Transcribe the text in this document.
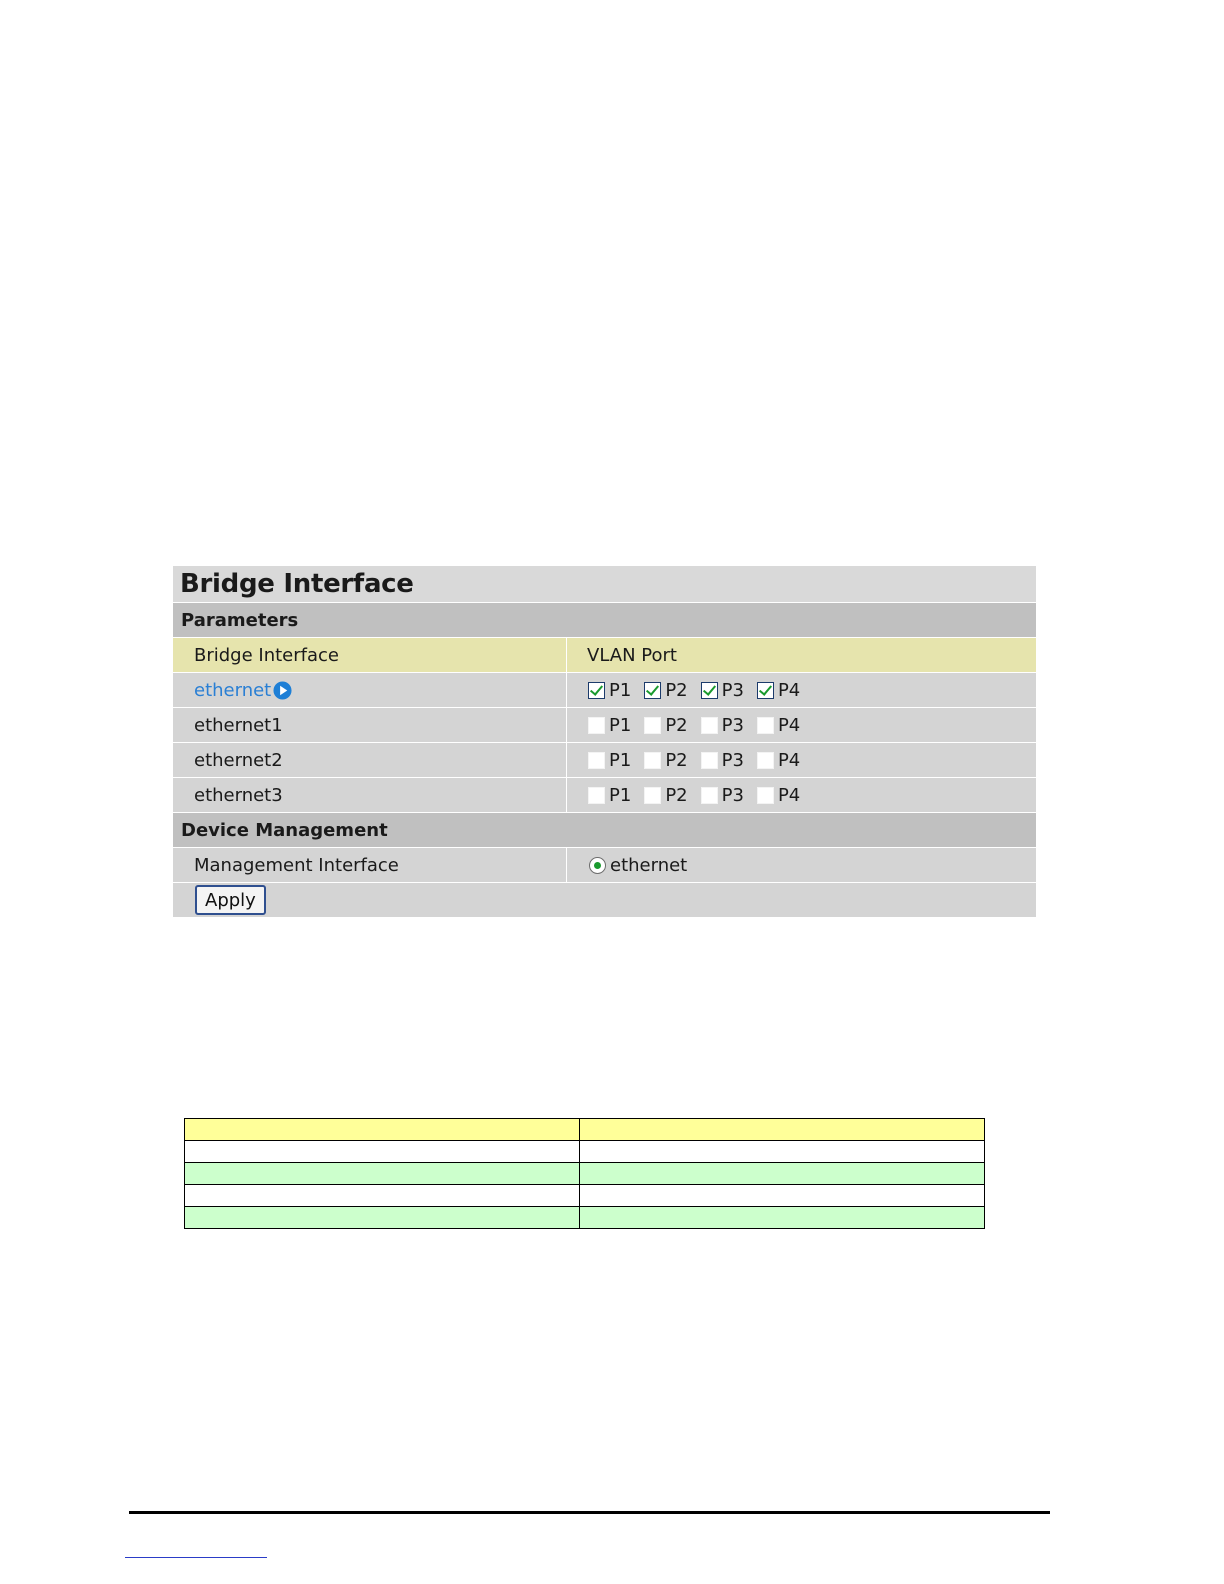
Bridge Interface
Parameters
Bridge Interface	VLAN Port
ethernet	P1 P2 P3 P4
ethernet1	P1 P2 P3 P4
ethernet2	P1 P2 P3 P4
ethernet3	P1 P2 P3 P4
Device Management
Management Interface	ethernet
Apply
